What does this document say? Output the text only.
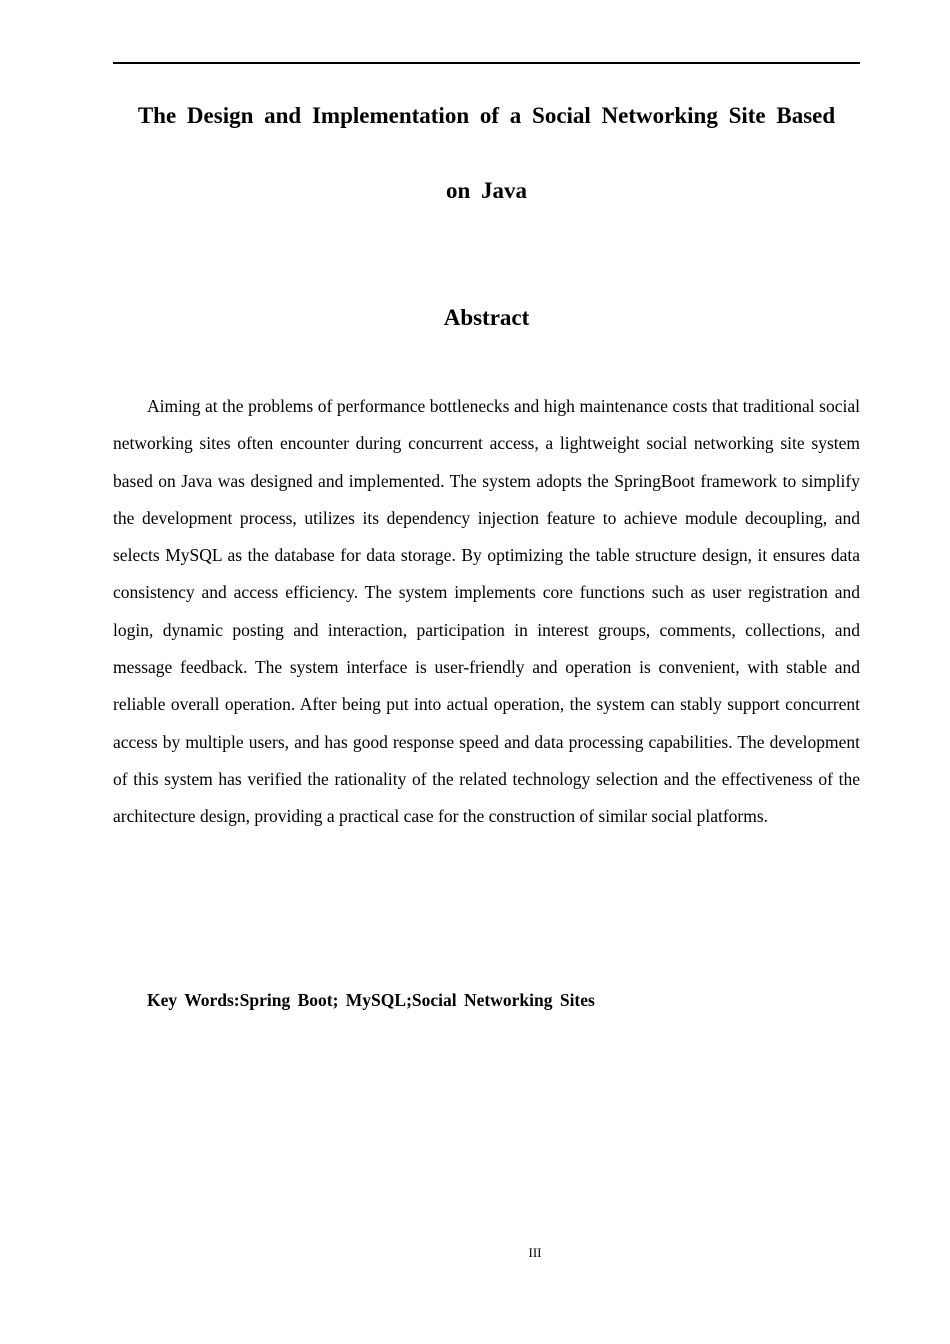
The Design and Implementation of a Social Networking Site Based
on Java
Abstract

Aiming at the problems of performance bottlenecks and high maintenance costs that traditional social networking sites often encounter during concurrent access, a lightweight social networking site system based on Java was designed and implemented. The system adopts the SpringBoot framework to simplify the development process, utilizes its dependency injection feature to achieve module decoupling, and selects MySQL as the database for data storage. By optimizing the table structure design, it ensures data consistency and access efficiency. The system implements core functions such as user registration and login, dynamic posting and interaction, participation in interest groups, comments, collections, and message feedback. The system interface is user-friendly and operation is convenient, with stable and reliable overall operation. After being put into actual operation, the system can stably support concurrent access by multiple users, and has good response speed and data processing capabilities. The development of this system has verified the rationality of the related technology selection and the effectiveness of the architecture design, providing a practical case for the construction of similar social platforms.

Key Words:Spring Boot; MySQL;Social Networking Sites
III
